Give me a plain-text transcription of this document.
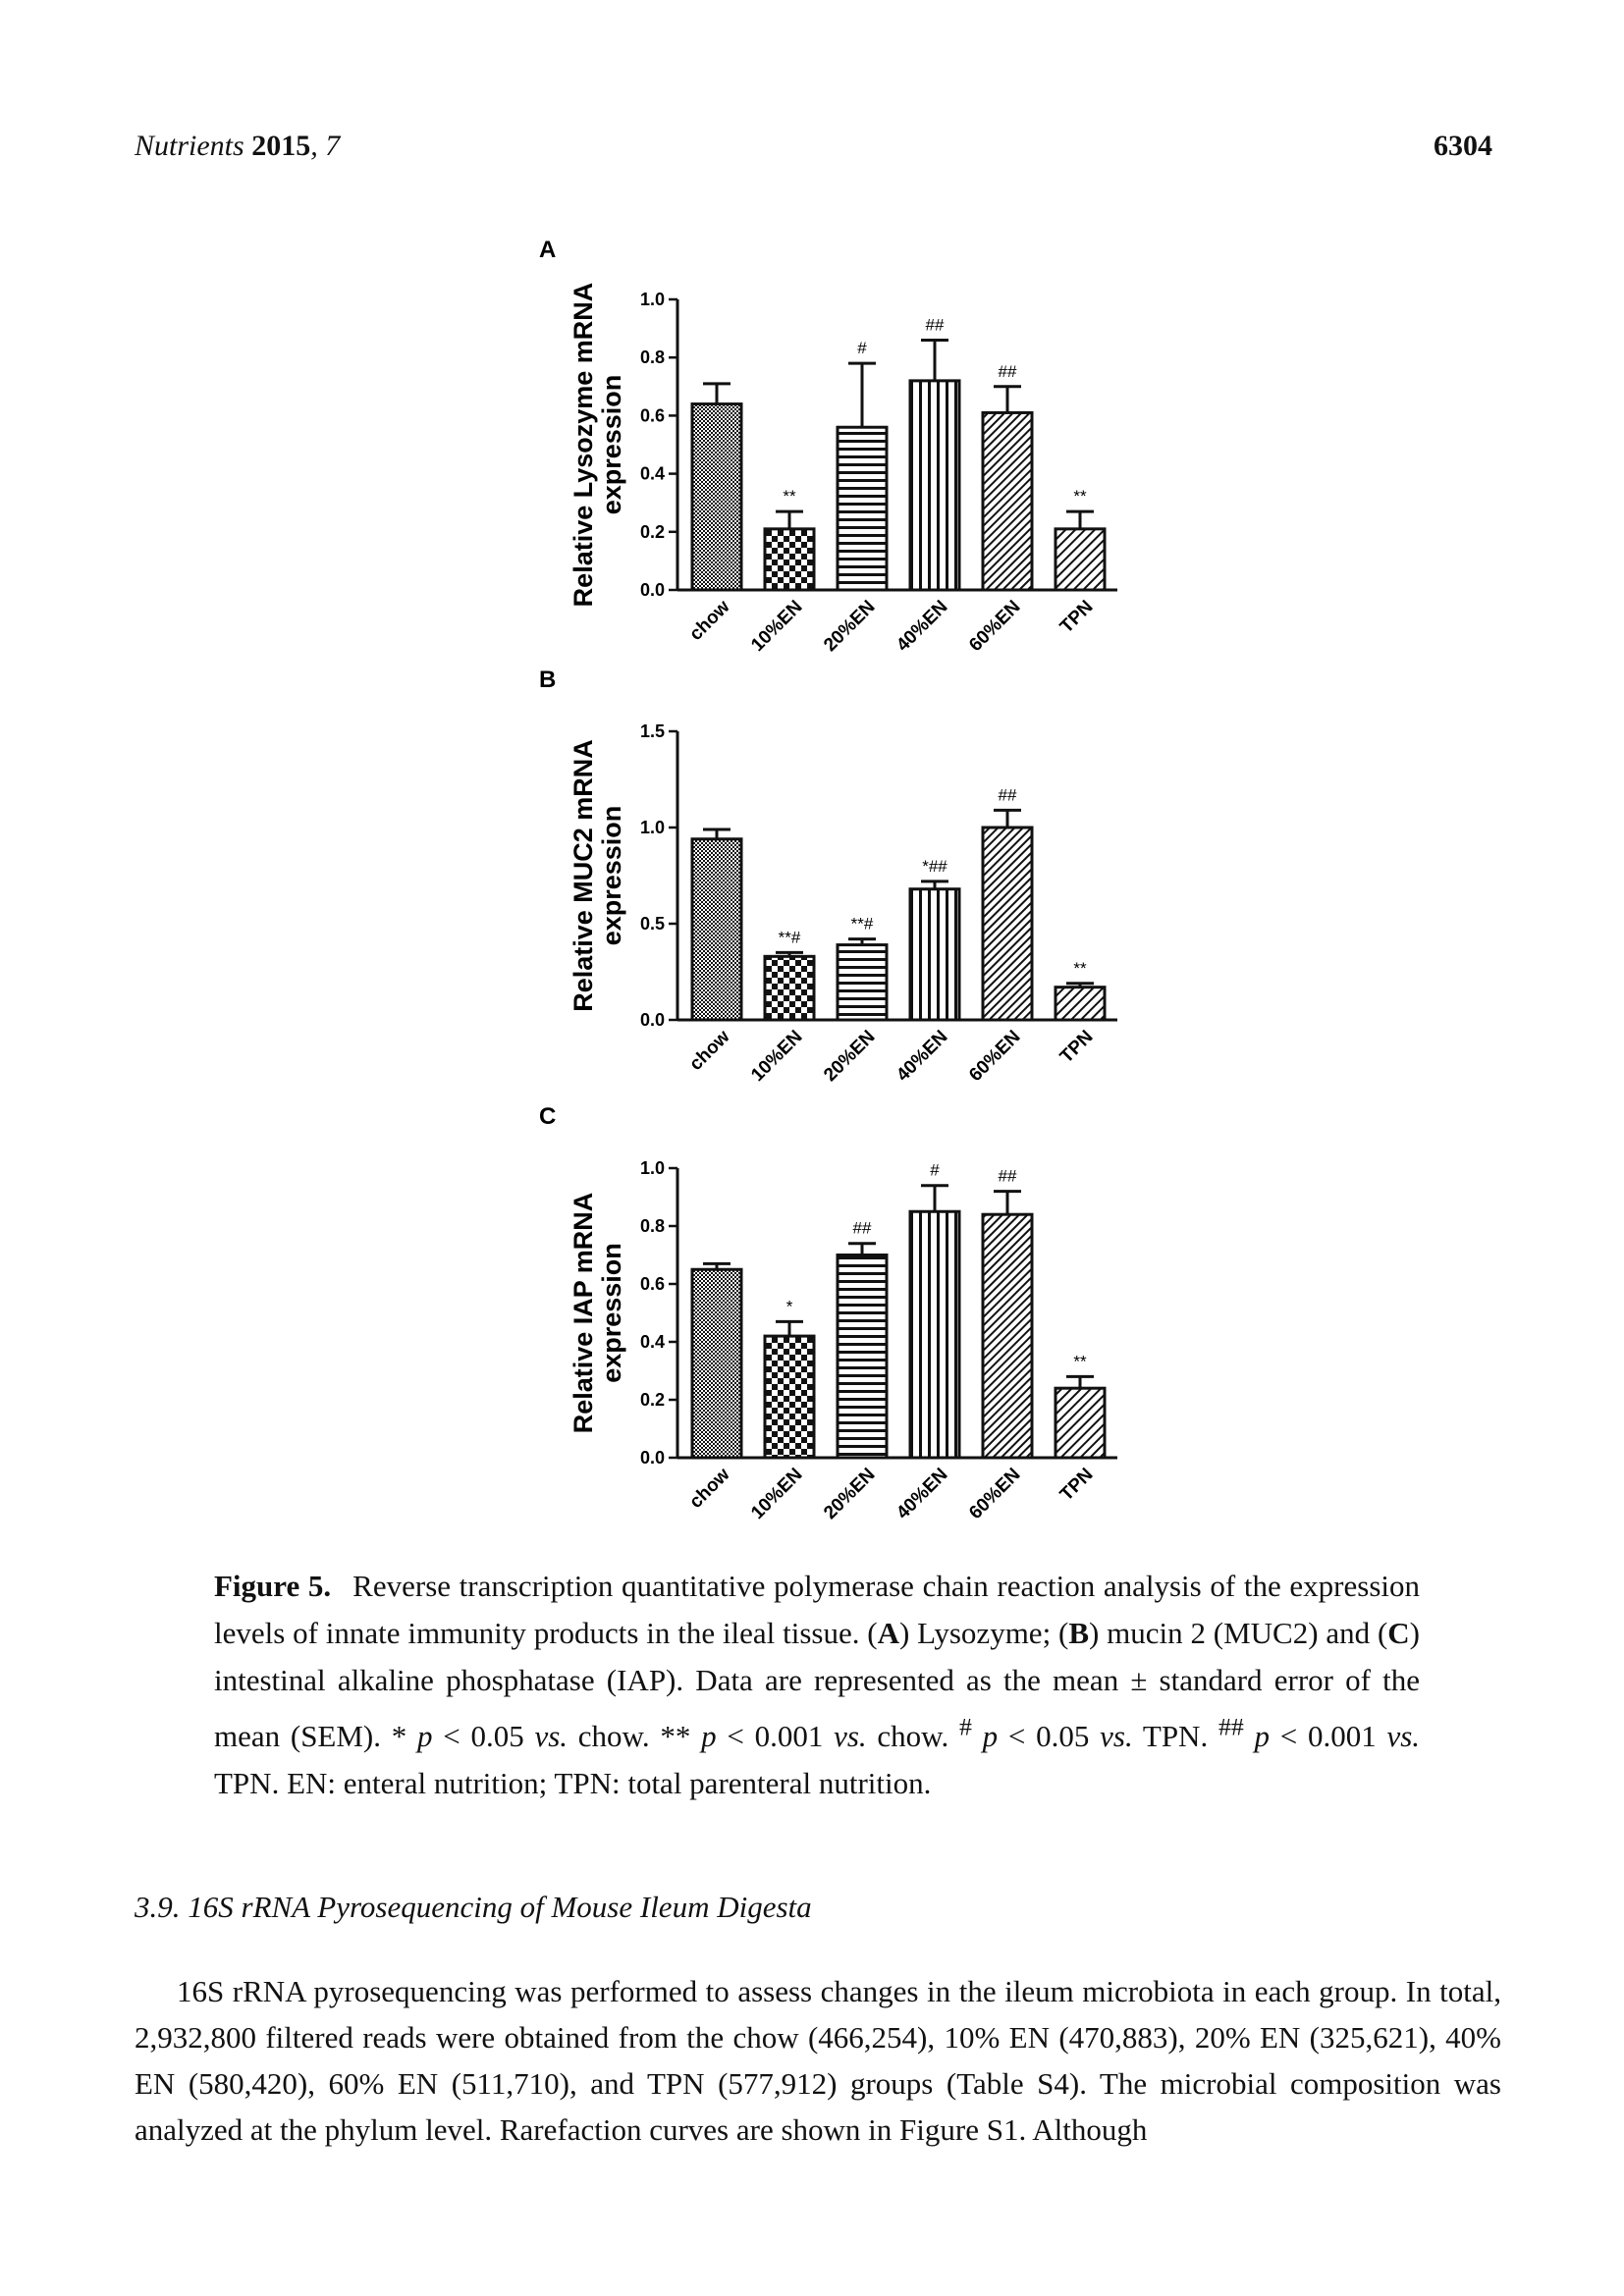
Nutrients 2015, 7	6304
A
Relative Lysozyme mRNA expression
0.0
0.2
0.4
0.6
0.8
1.0
chow
**
10%EN
#
20%EN
##
40%EN
##
60%EN
**
TPN
B
Relative MUC2 mRNA expression
0.0
0.5
1.0
1.5
chow
**#
10%EN
**#
20%EN
*##
40%EN
##
60%EN
**
TPN
C
Relative IAP mRNA expression
0.0
0.2
0.4
0.6
0.8
1.0
chow
*
10%EN
##
20%EN
#
40%EN
##
60%EN
**
TPN
Figure 5. Reverse transcription quantitative polymerase chain reaction analysis of the expression levels of innate immunity products in the ileal tissue. (A) Lysozyme; (B) mucin 2 (MUC2) and (C) intestinal alkaline phosphatase (IAP). Data are represented as the mean ± standard error of the mean (SEM). * p < 0.05 vs. chow. ** p < 0.001 vs. chow. # p < 0.05 vs. TPN. ## p < 0.001 vs. TPN. EN: enteral nutrition; TPN: total parenteral nutrition.
3.9. 16S rRNA Pyrosequencing of Mouse Ileum Digesta
16S rRNA pyrosequencing was performed to assess changes in the ileum microbiota in each group. In total, 2,932,800 filtered reads were obtained from the chow (466,254), 10% EN (470,883), 20% EN (325,621), 40% EN (580,420), 60% EN (511,710), and TPN (577,912) groups (Table S4). The microbial composition was analyzed at the phylum level. Rarefaction curves are shown in Figure S1. Although
